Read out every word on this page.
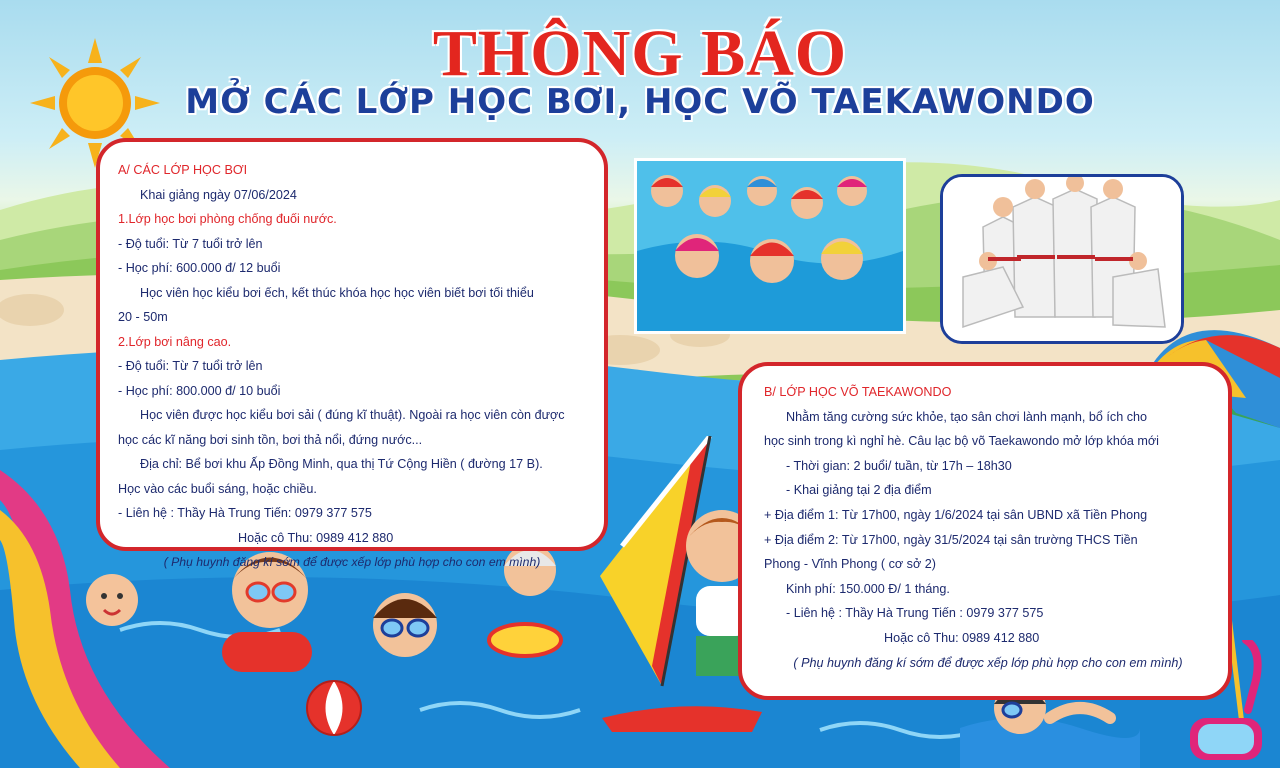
THÔNG BÁO
MỞ CÁC LỚP HỌC BƠI, HỌC VÕ TAEKAWONDO
A/ CÁC LỚP HỌC BƠI
Khai giảng ngày 07/06/2024
1.Lớp học bơi phòng chống đuối nước.
- Độ tuổi: Từ 7 tuổi trở lên
- Học phí: 600.000 đ/ 12 buổi
Học viên học kiểu bơi ếch, kết thúc khóa học học viên biết bơi tối thiểu
20 - 50m
2.Lớp bơi nâng cao.
- Độ tuổi: Từ 7 tuổi trở lên
- Học phí: 800.000 đ/ 10 buổi
Học viên được học kiểu bơi sải ( đúng kĩ thuật). Ngoài ra học viên còn được
học các kĩ năng bơi sinh tồn, bơi thả nổi, đứng nước...
Địa chỉ: Bể bơi khu Ấp Đồng Minh, qua thị Tứ Cộng Hiền ( đường 17 B).
Học vào các buổi sáng, hoặc chiều.
- Liên hệ : Thầy Hà Trung Tiến: 0979 377 575
Hoặc cô Thu: 0989 412 880
( Phụ huynh đăng kí sớm để được xếp lớp phù hợp cho con em mình)
B/ LỚP HỌC VÕ TAEKAWONDO
Nhằm tăng cường sức khỏe, tạo sân chơi lành mạnh, bổ ích cho
học sinh trong kì nghỉ hè. Câu lạc bộ võ Taekawondo mở lớp khóa mới
- Thời gian: 2 buổi/ tuần, từ 17h – 18h30
- Khai giảng tại 2 địa điểm
+ Địa điểm 1: Từ 17h00, ngày 1/6/2024 tại sân UBND xã Tiền Phong
+ Địa điểm 2: Từ 17h00, ngày 31/5/2024 tại sân trường THCS Tiền
Phong - Vĩnh Phong ( cơ sở 2)
Kinh phí: 150.000 Đ/ 1 tháng.
- Liên hệ : Thầy Hà Trung Tiến : 0979 377 575
Hoặc cô Thu: 0989 412 880
( Phụ huynh đăng kí sớm để được xếp lớp phù hợp cho con em mình)
